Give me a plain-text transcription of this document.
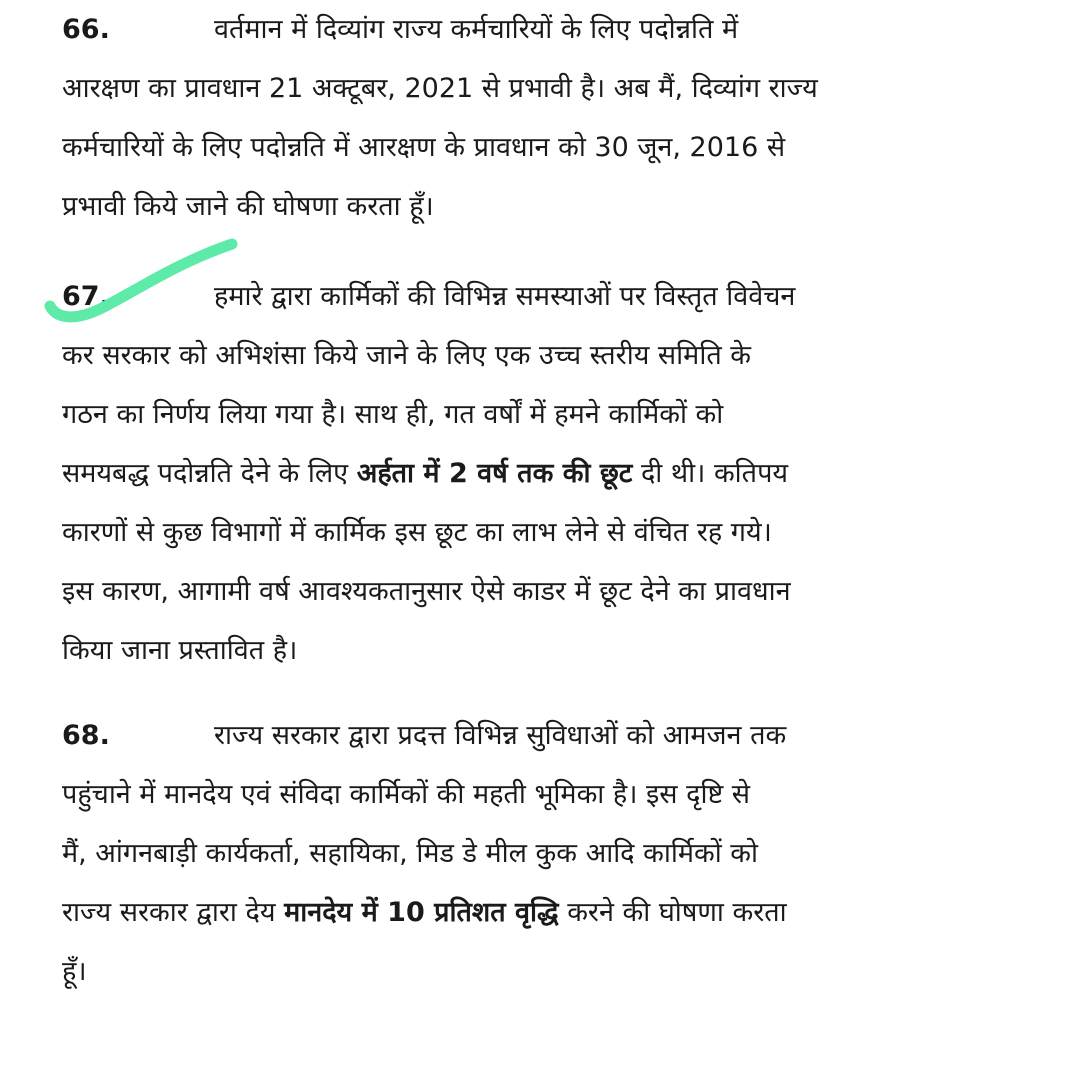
66.	वर्तमान में दिव्यांग राज्य कर्मचारियों के लिए पदोन्नति में
आरक्षण का प्रावधान 21 अक्टूबर, 2021 से प्रभावी है। अब मैं, दिव्यांग राज्य
कर्मचारियों के लिए पदोन्नति में आरक्षण के प्रावधान को 30 जून, 2016 से
प्रभावी किये जाने की घोषणा करता हूँ।
67.	हमारे द्वारा कार्मिकों की विभिन्न समस्याओं पर विस्तृत विवेचन
कर सरकार को अभिशंसा किये जाने के लिए एक उच्च स्तरीय समिति के
गठन का निर्णय लिया गया है। साथ ही, गत वर्षों में हमने कार्मिकों को
समयबद्ध पदोन्नति देने के लिए अर्हता में 2 वर्ष तक की छूट दी थी। कतिपय
कारणों से कुछ विभागों में कार्मिक इस छूट का लाभ लेने से वंचित रह गये।
इस कारण, आगामी वर्ष आवश्यकतानुसार ऐसे काडर में छूट देने का प्रावधान
किया जाना प्रस्तावित है।
68.	राज्य सरकार द्वारा प्रदत्त विभिन्न सुविधाओं को आमजन तक
पहुंचाने में मानदेय एवं संविदा कार्मिकों की महती भूमिका है। इस दृष्टि से
मैं, आंगनबाड़ी कार्यकर्ता, सहायिका, मिड डे मील कुक आदि कार्मिकों को
राज्य सरकार द्वारा देय मानदेय में 10 प्रतिशत वृद्धि करने की घोषणा करता
हूँ।
